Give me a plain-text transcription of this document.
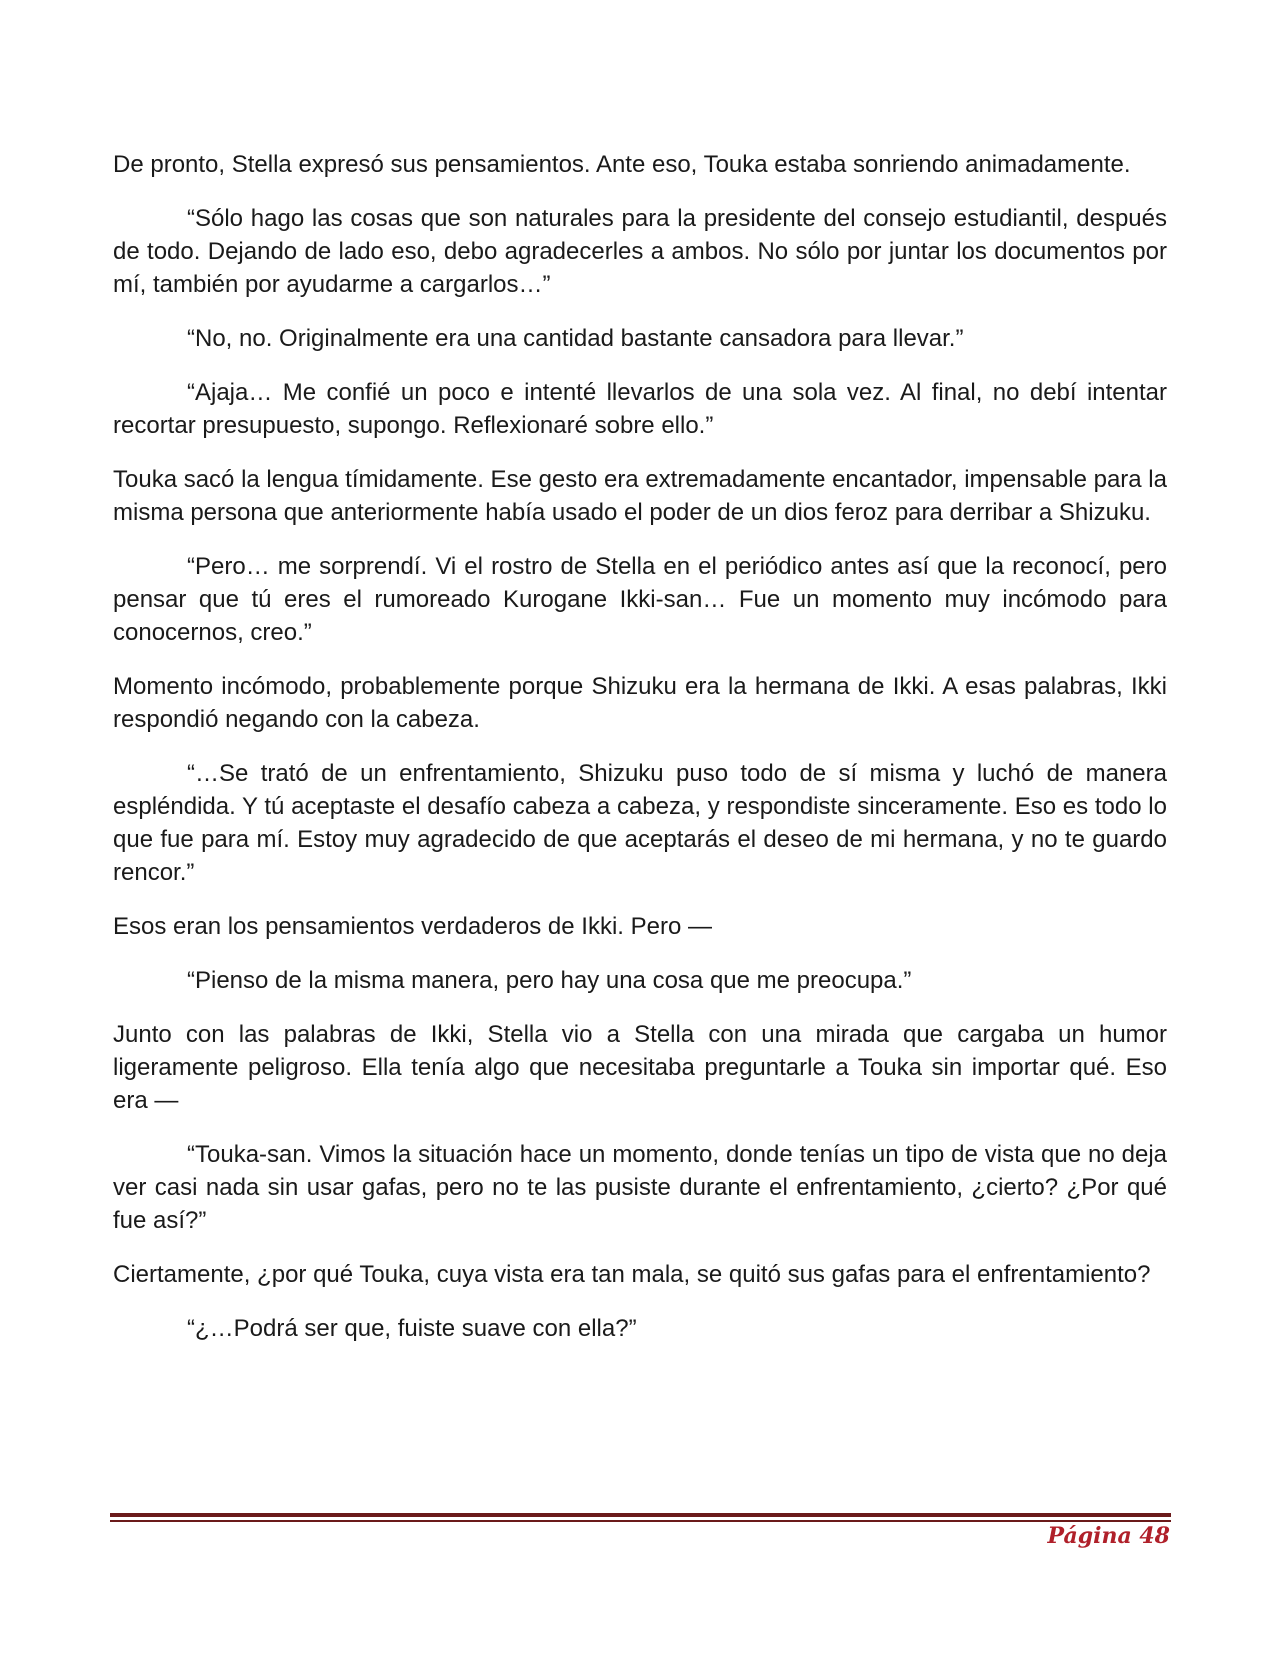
De pronto, Stella expresó sus pensamientos. Ante eso, Touka estaba sonriendo animadamente.

“Sólo hago las cosas que son naturales para la presidente del consejo estudiantil, después de todo. Dejando de lado eso, debo agradecerles a ambos. No sólo por juntar los documentos por mí, también por ayudarme a cargarlos…”

“No, no. Originalmente era una cantidad bastante cansadora para llevar.”

“Ajaja… Me confié un poco e intenté llevarlos de una sola vez. Al final, no debí intentar recortar presupuesto, supongo. Reflexionaré sobre ello.”

Touka sacó la lengua tímidamente. Ese gesto era extremadamente encantador, impensable para la misma persona que anteriormente había usado el poder de un dios feroz para derribar a Shizuku.

“Pero… me sorprendí. Vi el rostro de Stella en el periódico antes así que la reconocí, pero pensar que tú eres el rumoreado Kurogane Ikki-san… Fue un momento muy incómodo para conocernos, creo.”

Momento incómodo, probablemente porque Shizuku era la hermana de Ikki. A esas palabras, Ikki respondió negando con la cabeza.

“…Se trató de un enfrentamiento, Shizuku puso todo de sí misma y luchó de manera espléndida. Y tú aceptaste el desafío cabeza a cabeza, y respondiste sinceramente. Eso es todo lo que fue para mí. Estoy muy agradecido de que aceptarás el deseo de mi hermana, y no te guardo rencor.”

Esos eran los pensamientos verdaderos de Ikki. Pero —

“Pienso de la misma manera, pero hay una cosa que me preocupa.”

Junto con las palabras de Ikki, Stella vio a Stella con una mirada que cargaba un humor ligeramente peligroso. Ella tenía algo que necesitaba preguntarle a Touka sin importar qué. Eso era —

“Touka-san. Vimos la situación hace un momento, donde tenías un tipo de vista que no deja ver casi nada sin usar gafas, pero no te las pusiste durante el enfrentamiento, ¿cierto? ¿Por qué fue así?”

Ciertamente, ¿por qué Touka, cuya vista era tan mala, se quitó sus gafas para el enfrentamiento?

“¿…Podrá ser que, fuiste suave con ella?”

Página 48
